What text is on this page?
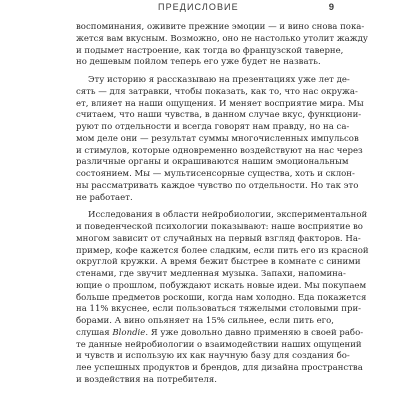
ПРЕДИСЛОВИЕ	9
воспоминания, оживите прежние эмоции — и вино снова пока-
жется вам вкусным. Возможно, оно не настолько утолит жажду
и подымет настроение, как тогда во французской таверне,
но дешевым пойлом теперь его уже будет не назвать.
Эту историю я рассказываю на презентациях уже лет де-
сять — для затравки, чтобы показать, как то, что нас окружа-
ет, влияет на наши ощущения. И меняет восприятие мира. Мы
считаем, что наши чувства, в данном случае вкус, функциони-
руют по отдельности и всегда говорят нам правду, но на са-
мом деле они — результат суммы многочисленных импульсов
и стимулов, которые одновременно воздействуют на нас через
различные органы и окрашиваются нашим эмоциональным
состоянием. Мы — мультисенсорные существа, хоть и склон-
ны рассматривать каждое чувство по отдельности. Но так это
не работает.
Исследования в области нейробиологии, экспериментальной
и поведенческой психологии показывают: наше восприятие во
многом зависит от случайных на первый взгляд факторов. На-
пример, кофе кажется более сладким, если пить его из красной
округлой кружки. А время бежит быстрее в комнате с синими
стенами, где звучит медленная музыка. Запахи, напомина-
ющие о прошлом, побуждают искать новые идеи. Мы покупаем
больше предметов роскоши, когда нам холодно. Еда покажется
на 11% вкуснее, если пользоваться тяжелыми столовыми при-
борами. А вино опьяняет на 15% сильнее, если пить его,
слушая Blondie. Я уже довольно давно применяю в своей рабо-
те данные нейробиологии о взаимодействии наших ощущений
и чувств и использую их как научную базу для создания бо-
лее успешных продуктов и брендов, для дизайна пространства
и воздействия на потребителя.
